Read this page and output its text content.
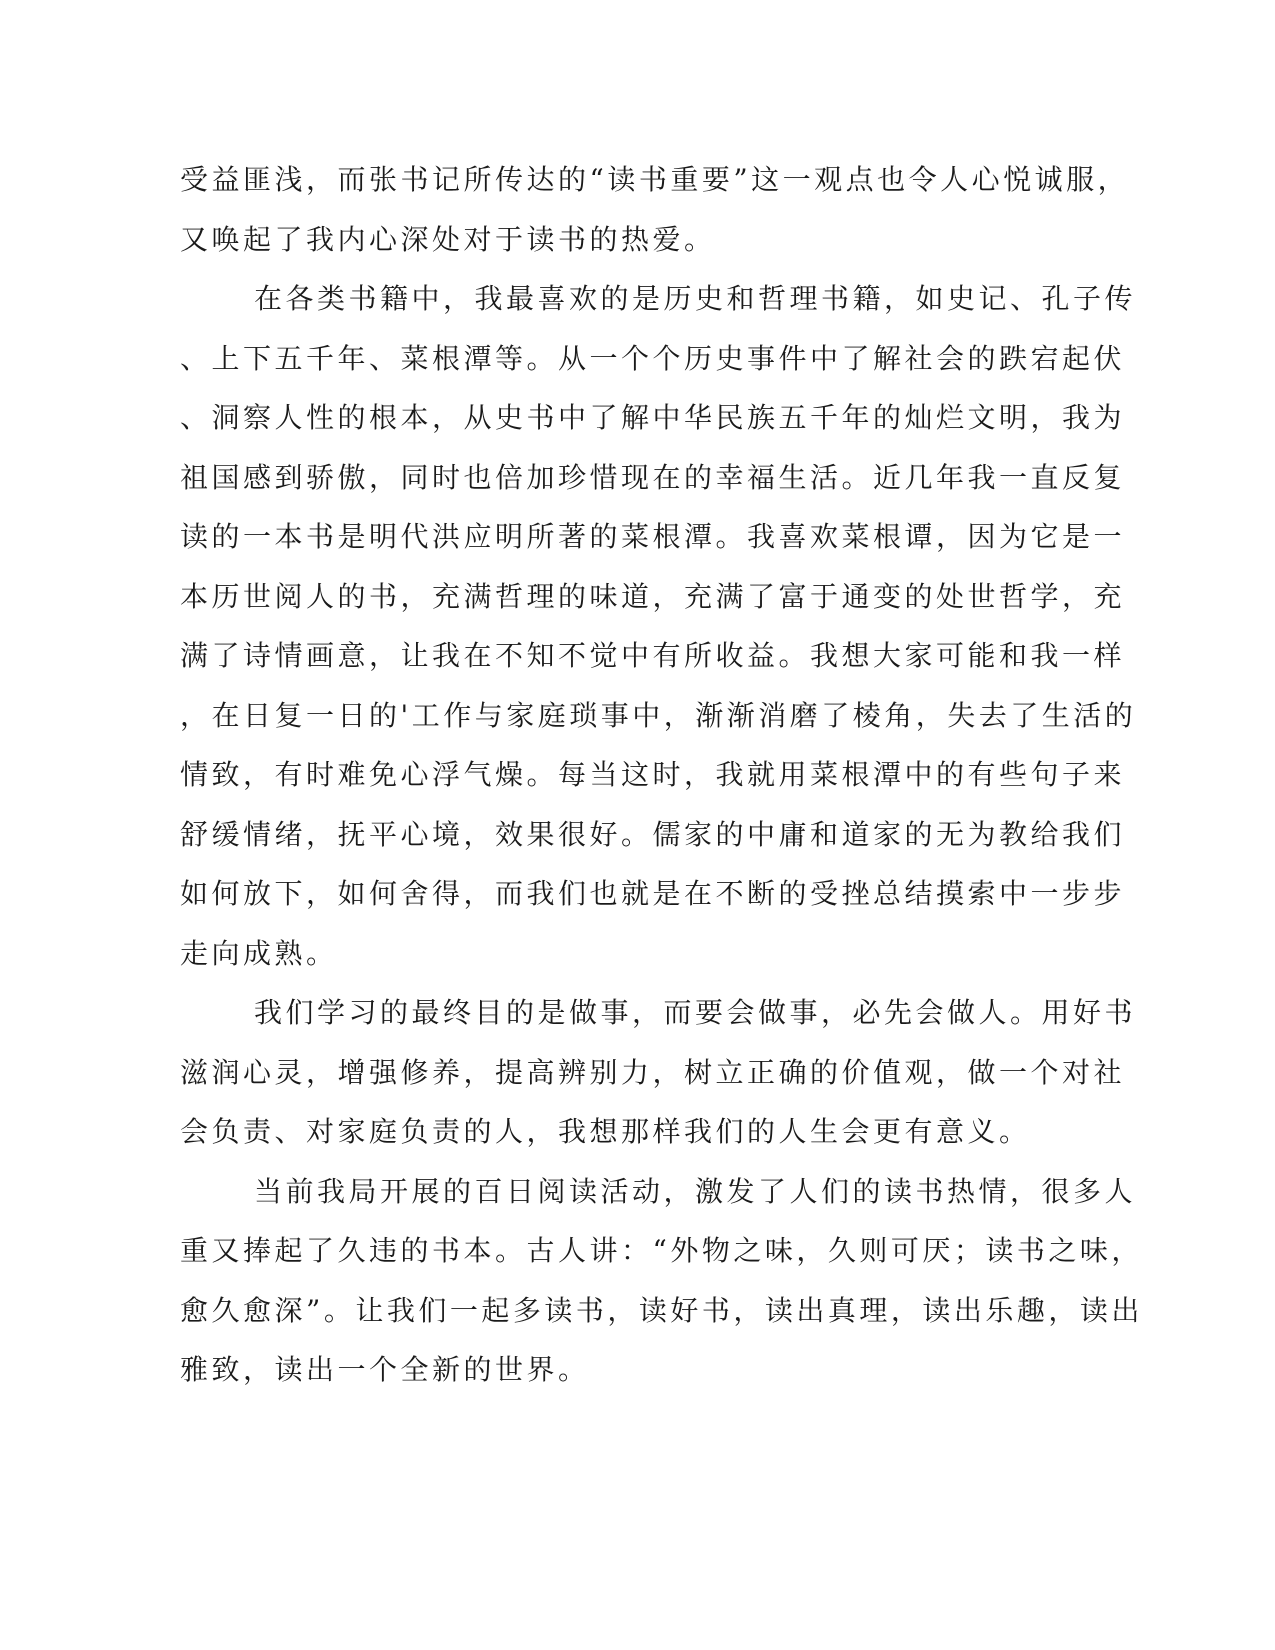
受益匪浅，而张书记所传达的“读书重要”这一观点也令人心悦诚服，
又唤起了我内心深处对于读书的热爱。
在各类书籍中，我最喜欢的是历史和哲理书籍，如史记、孔子传
、上下五千年、菜根潭等。从一个个历史事件中了解社会的跌宕起伏
、洞察人性的根本，从史书中了解中华民族五千年的灿烂文明，我为
祖国感到骄傲，同时也倍加珍惜现在的幸福生活。近几年我一直反复
读的一本书是明代洪应明所著的菜根潭。我喜欢菜根谭，因为它是一
本历世阅人的书，充满哲理的味道，充满了富于通变的处世哲学，充
满了诗情画意，让我在不知不觉中有所收益。我想大家可能和我一样
，在日复一日的'工作与家庭琐事中，渐渐消磨了棱角，失去了生活的
情致，有时难免心浮气燥。每当这时，我就用菜根潭中的有些句子来
舒缓情绪，抚平心境，效果很好。儒家的中庸和道家的无为教给我们
如何放下，如何舍得，而我们也就是在不断的受挫总结摸索中一步步
走向成熟。
我们学习的最终目的是做事，而要会做事，必先会做人。用好书
滋润心灵，增强修养，提高辨别力，树立正确的价值观，做一个对社
会负责、对家庭负责的人，我想那样我们的人生会更有意义。
当前我局开展的百日阅读活动，激发了人们的读书热情，很多人
重又捧起了久违的书本。古人讲：“外物之味，久则可厌；读书之味，
愈久愈深”。让我们一起多读书，读好书，读出真理，读出乐趣，读出
雅致，读出一个全新的世界。
